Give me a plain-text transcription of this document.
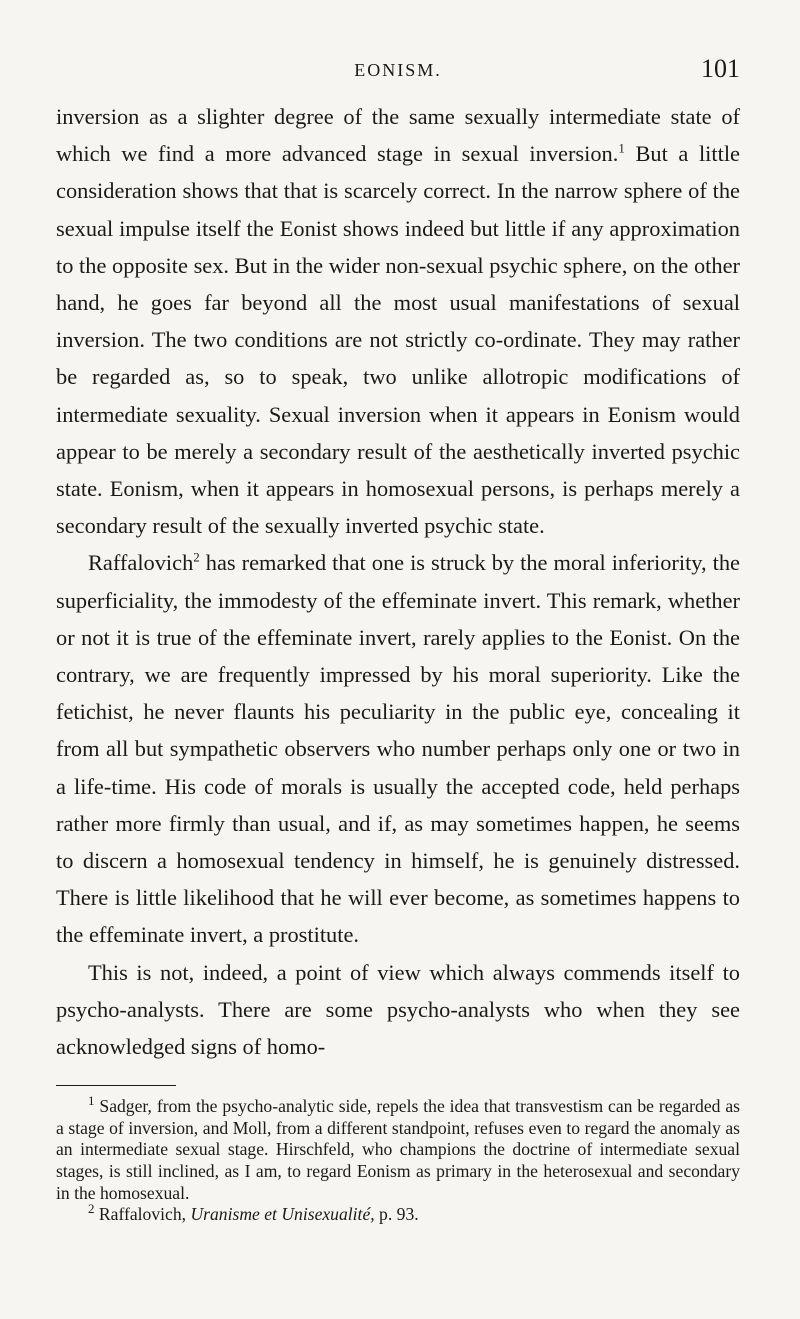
EONISM.	101

inversion as a slighter degree of the same sexually intermediate state of which we find a more advanced stage in sexual inversion.$^1$ But a little consideration shows that that is scarcely correct. In the narrow sphere of the sexual impulse itself the Eonist shows indeed but little if any approximation to the opposite sex. But in the wider non-sexual psychic sphere, on the other hand, he goes far beyond all the most usual manifestations of sexual inversion. The two conditions are not strictly co-ordinate. They may rather be regarded as, so to speak, two unlike allotropic modifications of intermediate sexuality. Sexual inversion when it appears in Eonism would appear to be merely a secondary result of the aesthetically inverted psychic state. Eonism, when it appears in homosexual persons, is perhaps merely a secondary result of the sexually inverted psychic state.

Raffalovich$^2$ has remarked that one is struck by the moral inferiority, the superficiality, the immodesty of the effeminate invert. This remark, whether or not it is true of the effeminate invert, rarely applies to the Eonist. On the contrary, we are frequently impressed by his moral superiority. Like the fetichist, he never flaunts his peculiarity in the public eye, concealing it from all but sympathetic observers who number perhaps only one or two in a life-time. His code of morals is usually the accepted code, held perhaps rather more firmly than usual, and if, as may sometimes happen, he seems to discern a homosexual tendency in himself, he is genuinely distressed. There is little likelihood that he will ever become, as sometimes happens to the effeminate invert, a prostitute.

This is not, indeed, a point of view which always commends itself to psycho-analysts. There are some psycho-analysts who when they see acknowledged signs of homo-

$^1$ Sadger, from the psycho-analytic side, repels the idea that transvestism can be regarded as a stage of inversion, and Moll, from a different standpoint, refuses even to regard the anomaly as an intermediate sexual stage. Hirschfeld, who champions the doctrine of intermediate sexual stages, is still inclined, as I am, to regard Eonism as primary in the heterosexual and secondary in the homosexual.

$^2$ Raffalovich, Uranisme et Unisexualité, p. 93.
